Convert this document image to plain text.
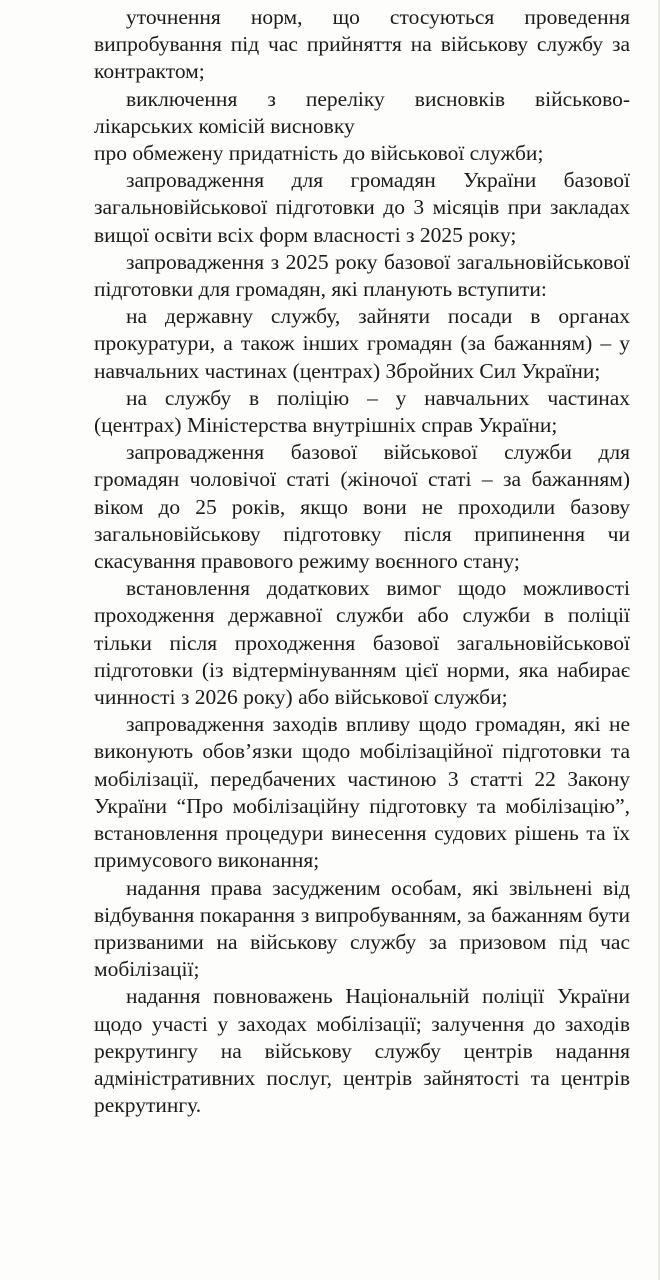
уточнення норм, що стосуються проведення випробування під час прийняття на військову службу за контрактом;

виключення з переліку висновків військово-лікарських комісій висновку

про обмежену придатність до військової служби;

запровадження для громадян України базової загальновійськової підготовки до 3 місяців при закладах вищої освіти всіх форм власності з 2025 року;

запровадження з 2025 року базової загальновійськової підготовки для громадян, які планують вступити:

на державну службу, зайняти посади в органах прокуратури, а також інших громадян (за бажанням) – у навчальних частинах (центрах) Збройних Сил України;

на службу в поліцію – у навчальних частинах (центрах) Міністерства внутрішніх справ України;

запровадження базової військової служби для громадян чоловічої статі (жіночої статі – за бажанням) віком до 25 років, якщо вони не проходили базову загальновійськову підготовку після припинення чи скасування правового режиму воєнного стану;

встановлення додаткових вимог щодо можливості проходження державної служби або служби в поліції тільки після проходження базової загальновійськової підготовки (із відтермінуванням цієї норми, яка набирає чинності з 2026 року) або військової служби;

запровадження заходів впливу щодо громадян, які не виконують обов’язки щодо мобілізаційної підготовки та мобілізації, передбачених частиною 3 статті 22 Закону України “Про мобілізаційну підготовку та мобілізацію”, встановлення процедури винесення судових рішень та їх примусового виконання;

надання права засудженим особам, які звільнені від відбування покарання з випробуванням, за бажанням бути призваними на військову службу за призовом під час мобілізації;

надання повноважень Національній поліції України щодо участі у заходах мобілізації; залучення до заходів рекрутингу на військову службу центрів надання адміністративних послуг, центрів зайнятості та центрів рекрутингу.
